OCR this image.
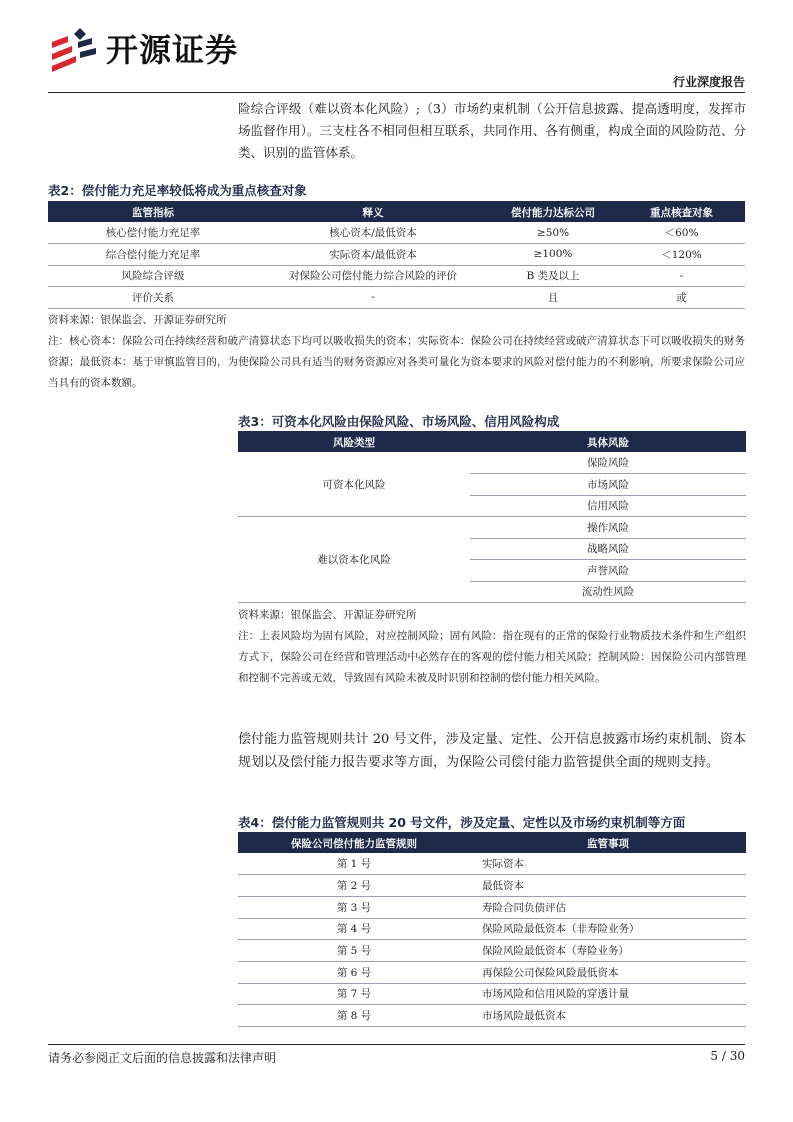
开源证券
行业深度报告

险综合评级（难以资本化风险）;（3）市场约束机制（公开信息披露、提高透明度，发挥市场监督作用）。三支柱各不相同但相互联系，共同作用、各有侧重，构成全面的风险防范、分类、识别的监管体系。

表2：偿付能力充足率较低将成为重点核查对象
监管指标	释义	偿付能力达标公司	重点核查对象
核心偿付能力充足率	核心资本/最低资本	≥50%	＜60%
综合偿付能力充足率	实际资本/最低资本	≥100%	＜120%
风险综合评级	对保险公司偿付能力综合风险的评价	B 类及以上	-
评价关系	-	且	或
资料来源：银保监会、开源证券研究所
注：核心资本：保险公司在持续经营和破产清算状态下均可以吸收损失的资本；实际资本：保险公司在持续经营或破产清算状态下可以吸收损失的财务资源；最低资本：基于审慎监管目的，为使保险公司具有适当的财务资源应对各类可量化为资本要求的风险对偿付能力的不利影响，所要求保险公司应当具有的资本数额。
表3：可资本化风险由保险风险、市场风险、信用风险构成
风险类型	具体风险
可资本化风险	保险风险
	市场风险
	信用风险
难以资本化风险	操作风险
	战略风险
	声誉风险
	流动性风险
资料来源：银保监会、开源证券研究所
注：上表风险均为固有风险，对应控制风险；固有风险：指在现有的正常的保险行业物质技术条件和生产组织方式下，保险公司在经营和管理活动中必然存在的客观的偿付能力相关风险；控制风险：因保险公司内部管理和控制不完善或无效，导致固有风险未被及时识别和控制的偿付能力相关风险。

偿付能力监管规则共计 20 号文件，涉及定量、定性、公开信息披露市场约束机制、资本规划以及偿付能力报告要求等方面，为保险公司偿付能力监管提供全面的规则支持。

表4：偿付能力监管规则共 20 号文件，涉及定量、定性以及市场约束机制等方面
保险公司偿付能力监管规则	监管事项
第 1 号	实际资本
第 2 号	最低资本
第 3 号	寿险合同负债评估
第 4 号	保险风险最低资本（非寿险业务）
第 5 号	保险风险最低资本（寿险业务）
第 6 号	再保险公司保险风险最低资本
第 7 号	市场风险和信用风险的穿透计量
第 8 号	市场风险最低资本
请务必参阅正文后面的信息披露和法律声明	5 / 30
